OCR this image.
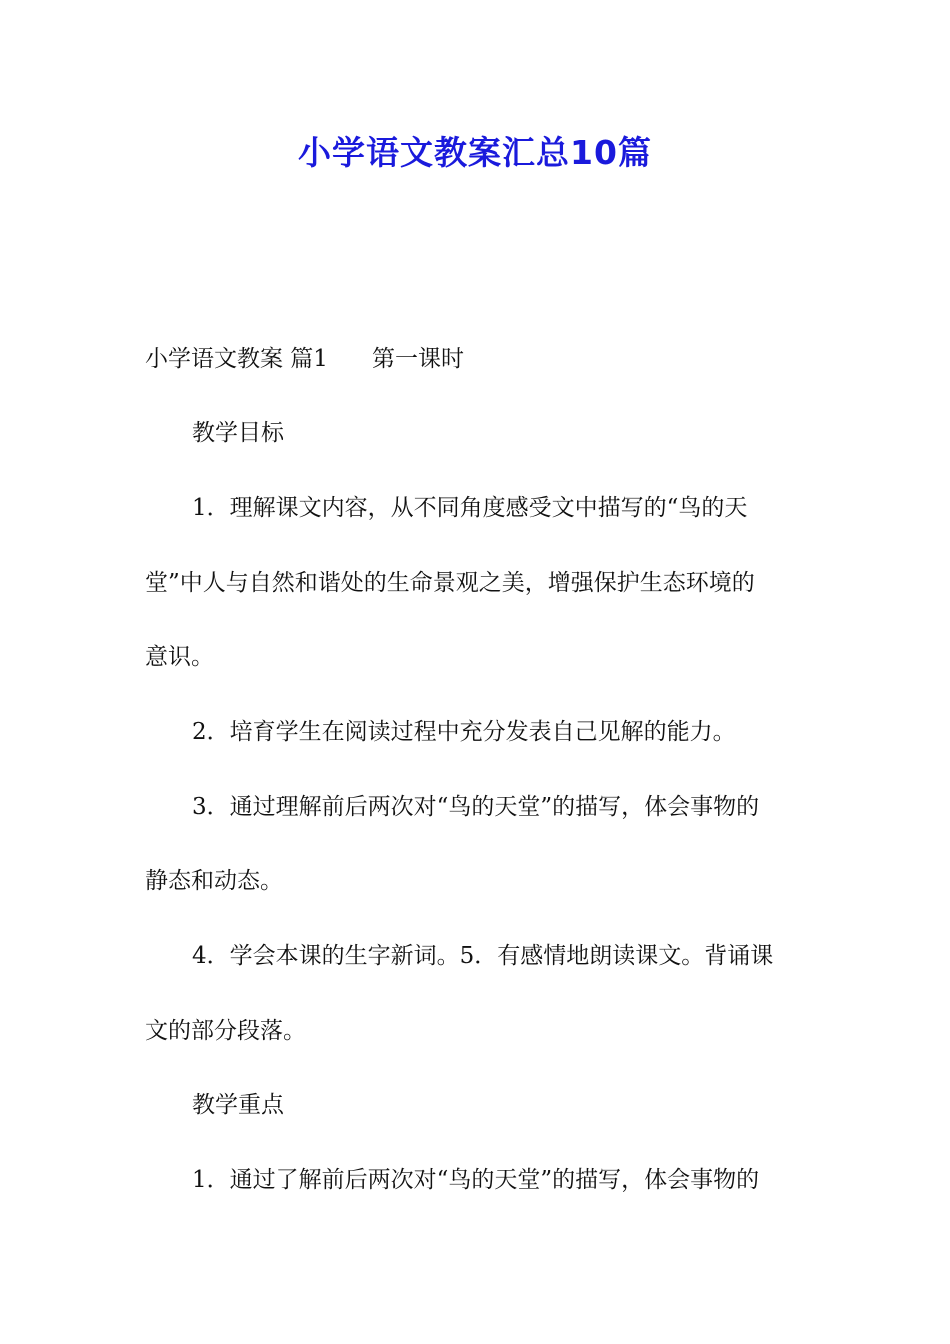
小学语文教案汇总10篇

小学语文教案 篇1 第一课时

教学目标

1．理解课文内容，从不同角度感受文中描写的“鸟的天

堂”中人与自然和谐处的生命景观之美，增强保护生态环境的

意识。

2．培育学生在阅读过程中充分发表自己见解的能力。

3．通过理解前后两次对“鸟的天堂”的描写，体会事物的

静态和动态。

4．学会本课的生字新词。5．有感情地朗读课文。背诵课

文的部分段落。

教学重点

1．通过了解前后两次对“鸟的天堂”的描写，体会事物的
